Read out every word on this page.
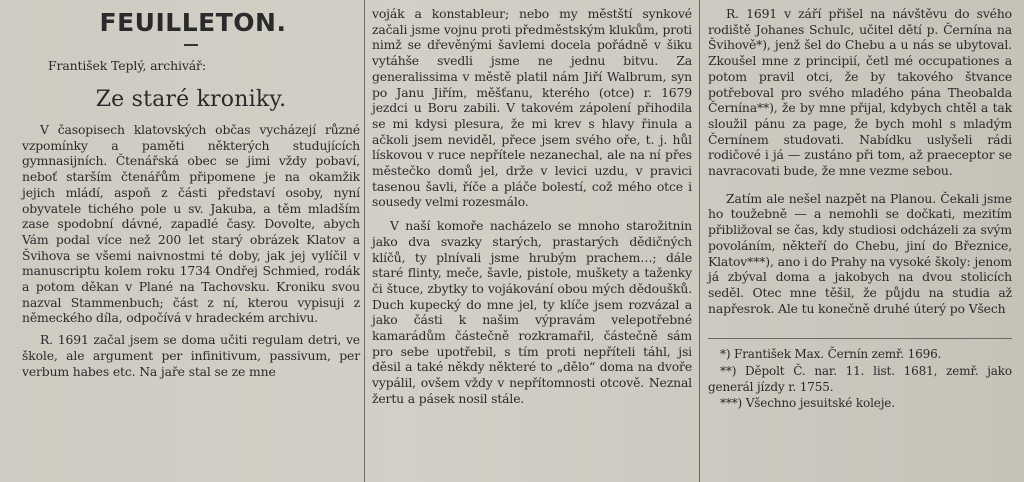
FEUILLETON.
František Teplý, archivář:
Ze staré kroniky.

V časopisech klatovských občas vycházejí různé vzpomínky a paměti některých studujících gymnasijních. Čtenářská obec se jimi vždy pobaví, neboť starším čtenářům připomene je na okamžik jejich mládí, aspoň z části představí osoby, nyní obyvatele tichého pole u sv. Jakuba, a těm mladším zase spodobní dávné, zapadlé časy. Dovolte, abych Vám podal více než 200 let starý obrázek Klatov a Švihova se všemi naivnostmi té doby, jak jej vylíčil v manuscriptu kolem roku 1734 Ondřej Schmied, rodák a potom děkan v Plané na Tachovsku. Kroniku svou nazval Stammenbuch; část z ní, kterou vypisuji z německého díla, odpočívá v hradeckém archivu.

R. 1691 začal jsem se doma učiti regulam detri, ve škole, ale argument per infinitivum, passivum, per verbum habes etc. Na jaře stal se ze mne

voják a konstableur; nebo my městští synkové začali jsme vojnu proti předměstským klukům, proti nimž se dřevěnými šavlemi docela pořádně v šiku vytáhše svedli jsme ne jednu bitvu. Za generalissima v městě platil nám Jiří Walbrum, syn po Janu Jiřím, měšťanu, kterého (otce) r. 1679 jezdci u Boru zabili. V takovém zápolení přihodila se mi kdysi plesura, že mi krev s hlavy řinula a ačkoli jsem neviděl, přece jsem svého oře, t. j. hůl lískovou v ruce nepřítele nezanechal, ale na ní přes městečko domů jel, drže v levici uzdu, v pravici tasenou šavli, říče a pláče bolestí, což mého otce i sousedy velmi rozesmálo.

V naší komoře nacházelo se mnoho starožitnin jako dva svazky starých, prastarých dědičných klíčů, ty plnívali jsme hrubým prachem…; dále staré flinty, meče, šavle, pistole, muškety a taženky či štuce, zbytky to vojákování obou mých dědoušků. Duch kupecký do mne jel, ty klíče jsem rozvázal a jako části k našim výpravám velepotřebné kamarádům částečně rozkramařil, částečně sám pro sebe upotřebil, s tím proti nepříteli táhl, jsi děsil a také někdy některé to „dělo“ doma na dvoře vypálil, ovšem vždy v nepřítomnosti otcově. Neznal žertu a pásek nosil stále.

R. 1691 v září přišel na návštěvu do svého rodiště Johanes Schulc, učitel dětí p. Černína na Švihově*), jenž šel do Chebu a u nás se ubytoval. Zkoušel mne z principií, četl mé occupationes a potom pravil otci, že by takového štvance potřeboval pro svého mladého pána Theobalda Černína**), že by mne přijal, kdybych chtěl a tak sloužil pánu za page, že bych mohl s mladým Černínem studovati. Nabídku uslyšeli rádi rodičové i já — zustáno při tom, až praeceptor se navracovati bude, že mne vezme sebou.

Zatím ale nešel nazpět na Planou. Čekali jsme ho toužebně — a nemohli se dočkati, mezitím přibližoval se čas, kdy studiosi odcházeli za svým povoláním, někteří do Chebu, jiní do Březnice, Klatov***), ano i do Prahy na vysoké školy: jenom já zbýval doma a jakobych na dvou stolicích seděl. Otec mne těšil, že půjdu na studia až napřesrok. Ale tu konečně druhé úterý po Všech

*) František Max. Černín zemř. 1696.

**) Děpolt Č. nar. 11. list. 1681, zemř. jako generál jízdy r. 1755.

***) Všechno jesuitské koleje.
